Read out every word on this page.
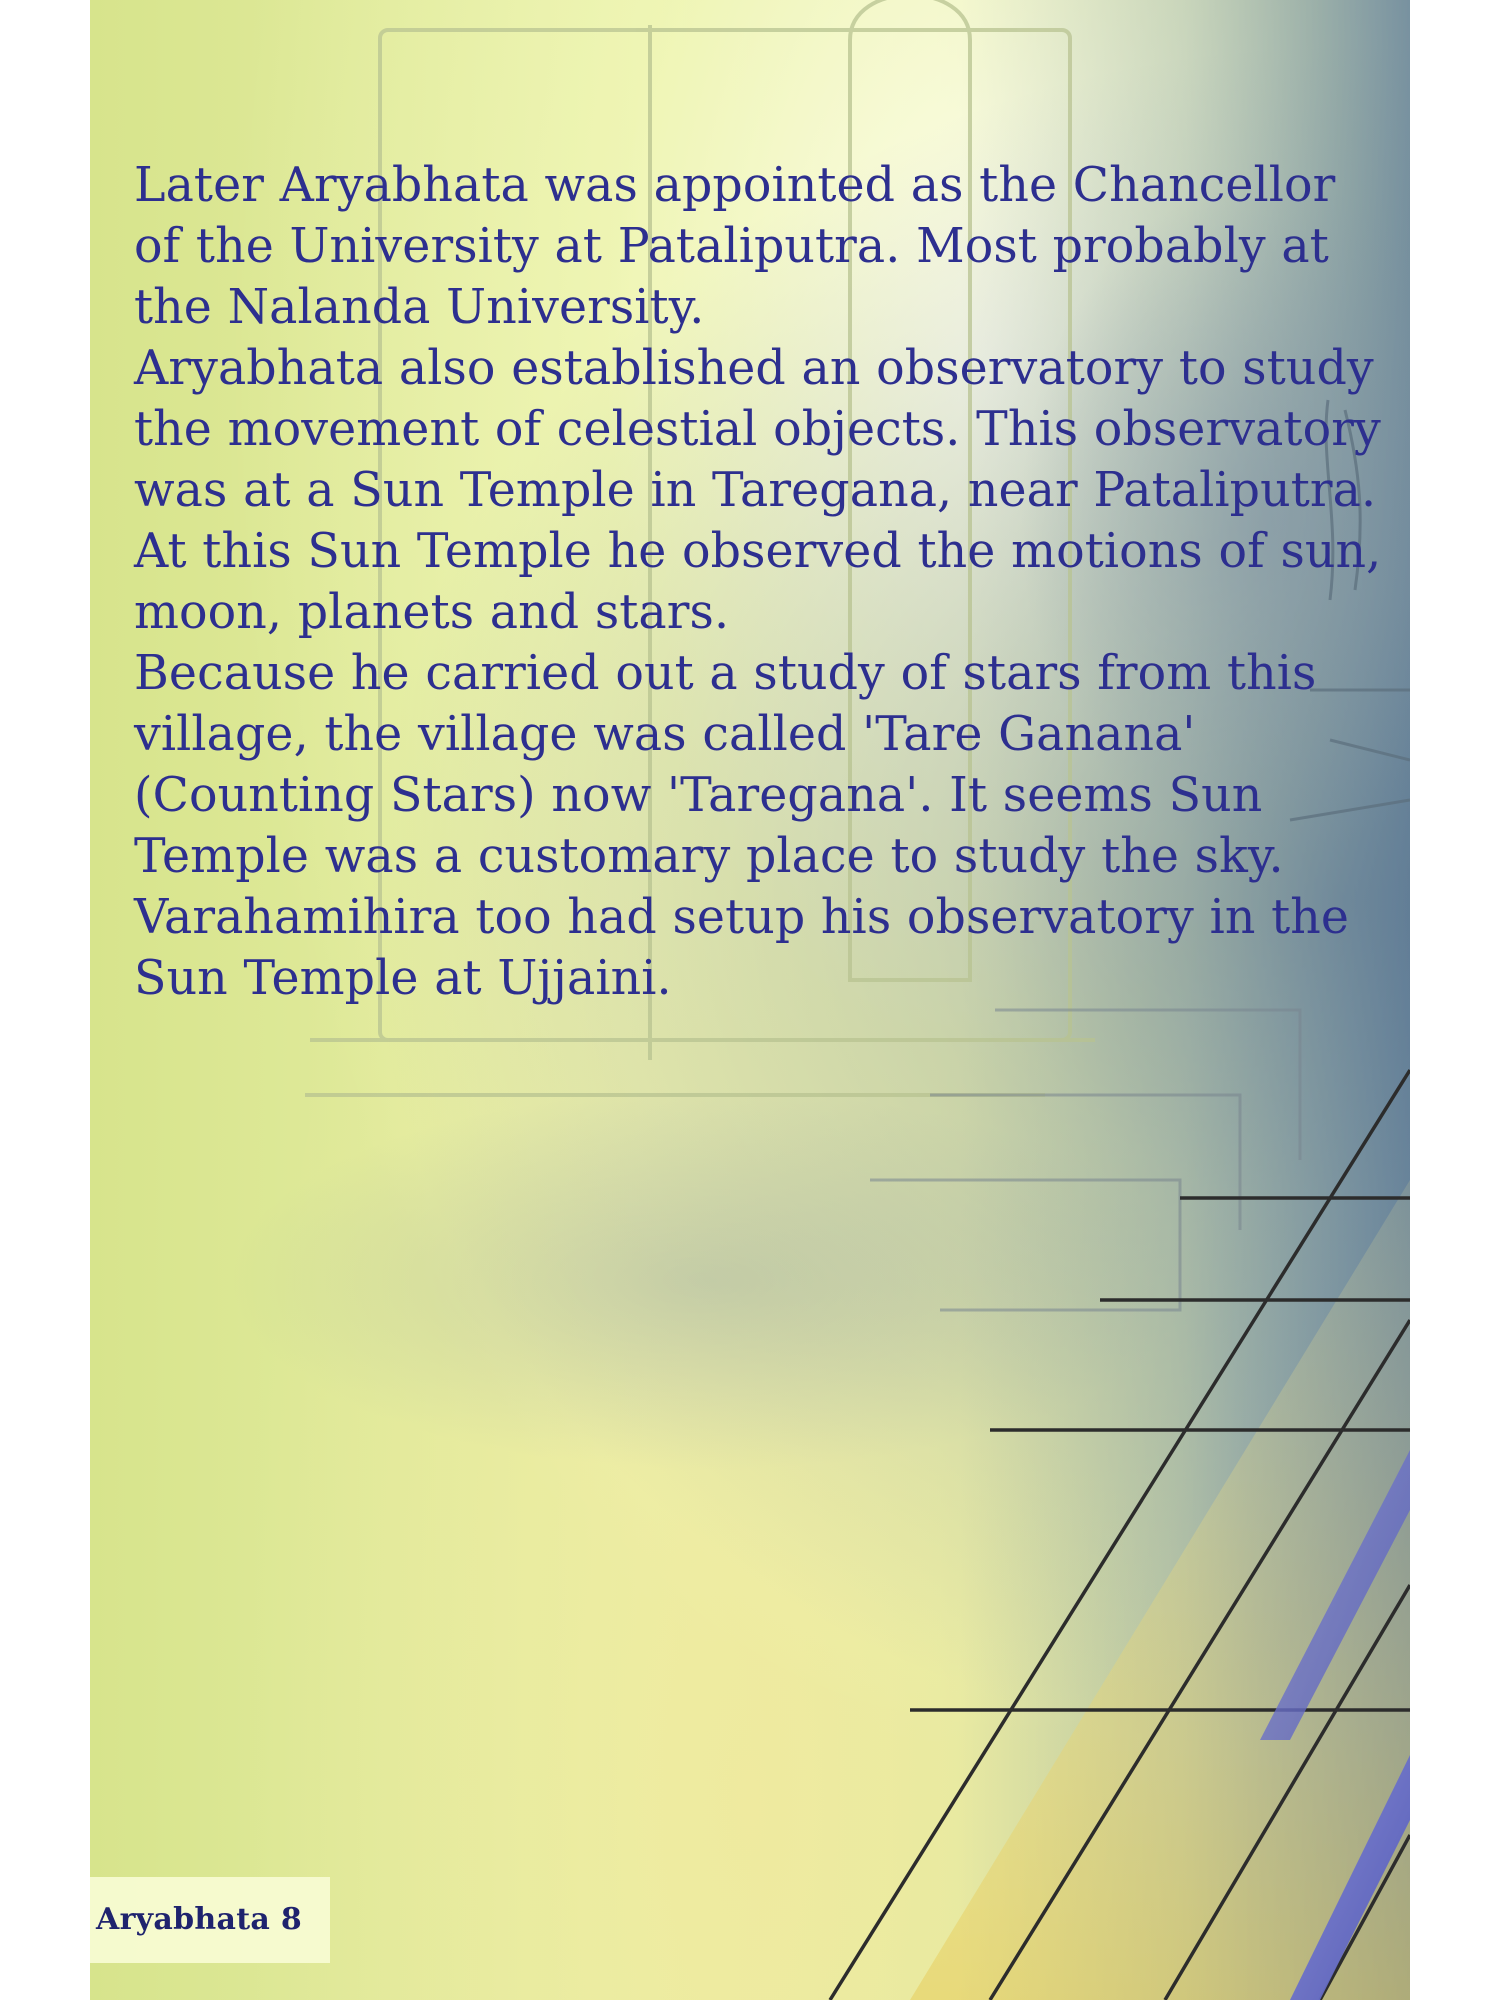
Later Aryabhata was appointed as the Chancellor of the University at Pataliputra. Most probably at the Nalanda University.

Aryabhata also established an observatory to study the movement of celestial objects. This observatory was at a Sun Temple in Taregana, near Pataliputra. At this Sun Temple he observed the motions of sun, moon, planets and stars.

Because he carried out a study of stars from this village, the village was called 'Tare Ganana' (Counting Stars) now 'Taregana'. It seems Sun Temple was a customary place to study the sky. Varahamihira too had setup his observatory in the Sun Temple at Ujjaini.

Aryabhata 8
